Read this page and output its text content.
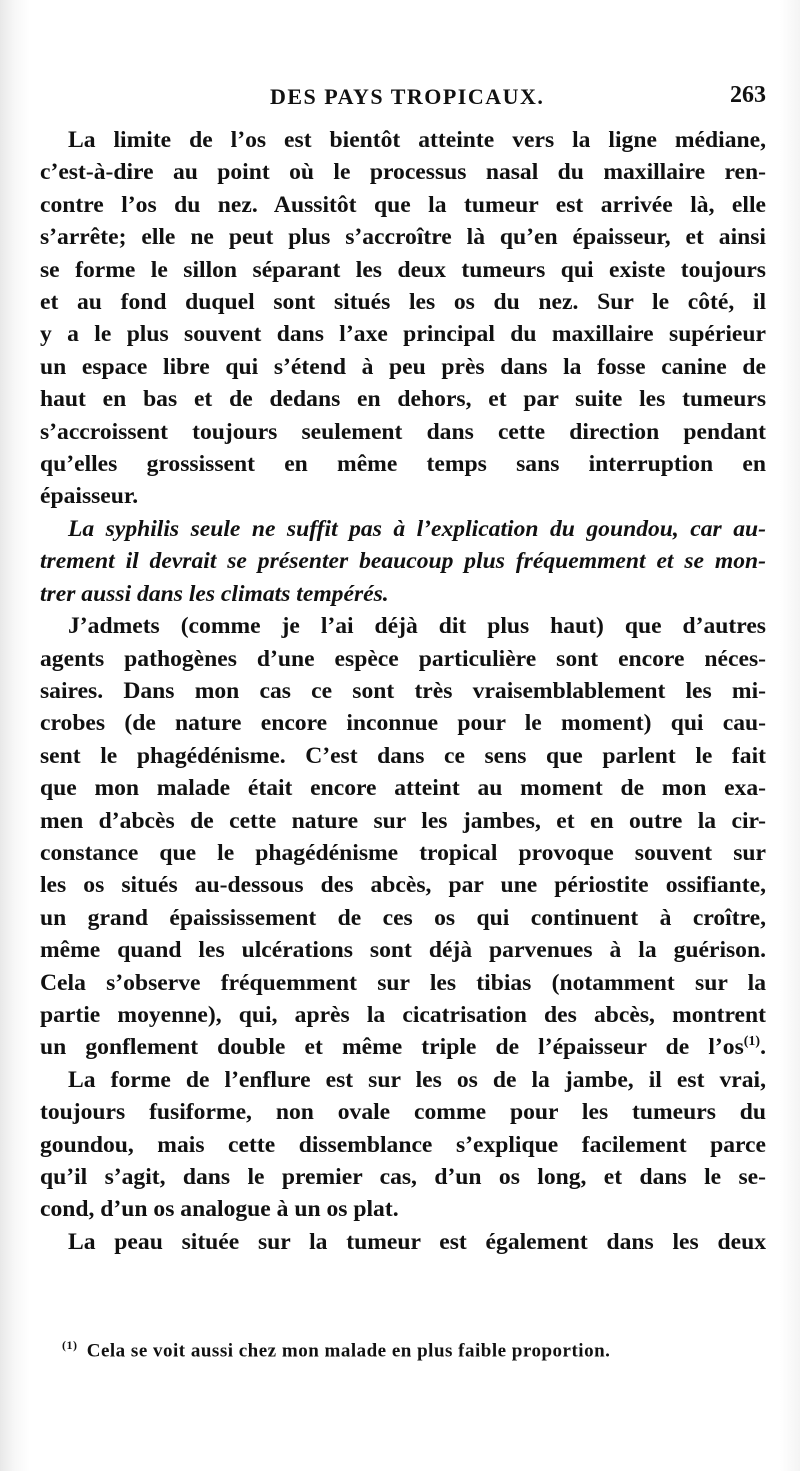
DES PAYS TROPICAUX.	263

La limite de l’os est bientôt atteinte vers la ligne médiane,
c’est-à-dire au point où le processus nasal du maxillaire ren-
contre l’os du nez. Aussitôt que la tumeur est arrivée là, elle
s’arrête; elle ne peut plus s’accroître là qu’en épaisseur, et ainsi
se forme le sillon séparant les deux tumeurs qui existe toujours
et au fond duquel sont situés les os du nez. Sur le côté, il
y a le plus souvent dans l’axe principal du maxillaire supérieur
un espace libre qui s’étend à peu près dans la fosse canine de
haut en bas et de dedans en dehors, et par suite les tumeurs
s’accroissent toujours seulement dans cette direction pendant
qu’elles grossissent en même temps sans interruption en
épaisseur.

La syphilis seule ne suffit pas à l’explication du goundou, car au-
trement il devrait se présenter beaucoup plus fréquemment et se mon-
trer aussi dans les climats tempérés.

J’admets (comme je l’ai déjà dit plus haut) que d’autres
agents pathogènes d’une espèce particulière sont encore néces-
saires. Dans mon cas ce sont très vraisemblablement les mi-
crobes (de nature encore inconnue pour le moment) qui cau-
sent le phagédénisme. C’est dans ce sens que parlent le fait
que mon malade était encore atteint au moment de mon exa-
men d’abcès de cette nature sur les jambes, et en outre la cir-
constance que le phagédénisme tropical provoque souvent sur
les os situés au-dessous des abcès, par une périostite ossifiante,
un grand épaississement de ces os qui continuent à croître,
même quand les ulcérations sont déjà parvenues à la guérison.
Cela s’observe fréquemment sur les tibias (notamment sur la
partie moyenne), qui, après la cicatrisation des abcès, montrent
un gonflement double et même triple de l’épaisseur de l’os$^{(1)}$.
La forme de l’enflure est sur les os de la jambe, il est vrai,
toujours fusiforme, non ovale comme pour les tumeurs du
goundou, mais cette dissemblance s’explique facilement parce
qu’il s’agit, dans le premier cas, d’un os long, et dans le se-
cond, d’un os analogue à un os plat.

La peau située sur la tumeur est également dans les deux

$^{(1)}$ Cela se voit aussi chez mon malade en plus faible proportion.
